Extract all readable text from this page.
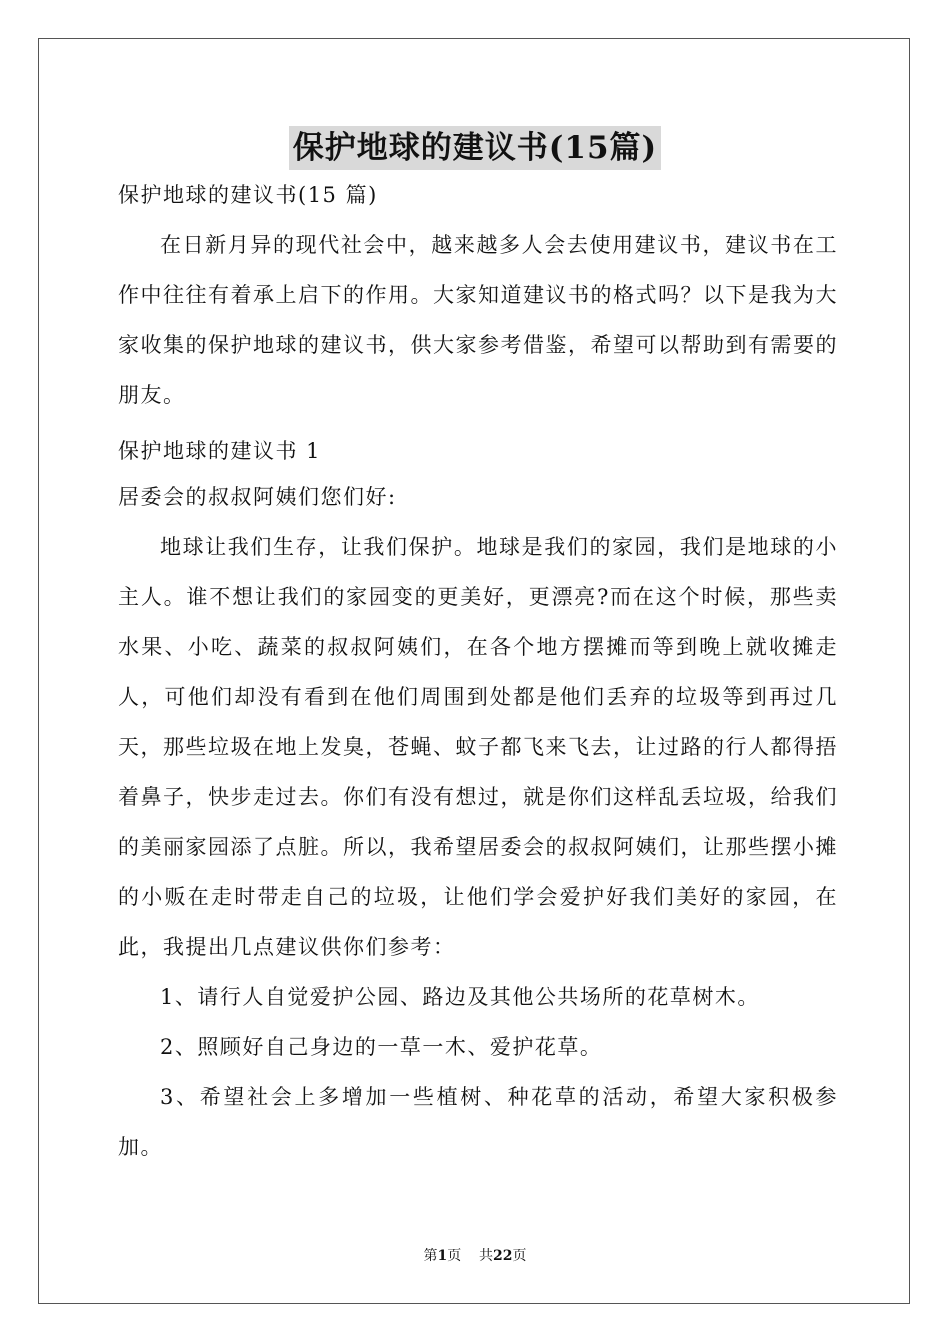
保护地球的建议书(15篇)

保护地球的建议书(15 篇)

在日新月异的现代社会中，越来越多人会去使用建议书，建议书在工作中往往有着承上启下的作用。大家知道建议书的格式吗？以下是我为大家收集的保护地球的建议书，供大家参考借鉴，希望可以帮助到有需要的朋友。

保护地球的建议书 1

居委会的叔叔阿姨们您们好:

地球让我们生存，让我们保护。地球是我们的家园，我们是地球的小主人。谁不想让我们的家园变的更美好，更漂亮?而在这个时候，那些卖水果、小吃、蔬菜的叔叔阿姨们，在各个地方摆摊而等到晚上就收摊走人，可他们却没有看到在他们周围到处都是他们丢弃的垃圾等到再过几天，那些垃圾在地上发臭，苍蝇、蚊子都飞来飞去，让过路的行人都得捂着鼻子，快步走过去。你们有没有想过，就是你们这样乱丢垃圾，给我们的美丽家园添了点脏。所以，我希望居委会的叔叔阿姨们，让那些摆小摊的小贩在走时带走自己的垃圾，让他们学会爱护好我们美好的家园，在此，我提出几点建议供你们参考：

1、请行人自觉爱护公园、路边及其他公共场所的花草树木。

2、照顾好自己身边的一草一木、爱护花草。

3、希望社会上多增加一些植树、种花草的活动，希望大家积极参加。

第1页 共22页
